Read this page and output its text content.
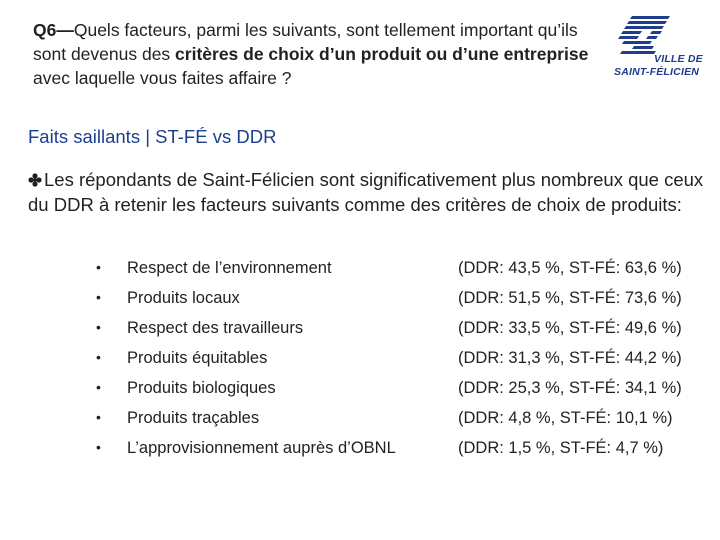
Q6—Quels facteurs, parmi les suivants, sont tellement important qu’ils sont devenus des critères de choix d’un produit ou d’une entreprise avec laquelle vous faites affaire ?
VILLE DE
SAINT-FÉLICIEN
Faits saillants | ST-FÉ vs DDR
Les répondants de Saint-Félicien sont significativement plus nombreux que ceux du DDR à retenir les facteurs suivants comme des critères de choix de produits:
• Respect de l’environnement	(DDR: 43,5 %, ST-FÉ: 63,6 %)
• Produits locaux	(DDR: 51,5 %, ST-FÉ: 73,6 %)
• Respect des travailleurs	(DDR: 33,5 %, ST-FÉ: 49,6 %)
• Produits équitables	(DDR: 31,3 %, ST-FÉ: 44,2 %)
• Produits biologiques	(DDR: 25,3 %, ST-FÉ: 34,1 %)
• Produits traçables	(DDR: 4,8 %, ST-FÉ: 10,1 %)
• L’approvisionnement auprès d’OBNL	(DDR: 1,5 %, ST-FÉ: 4,7 %)
